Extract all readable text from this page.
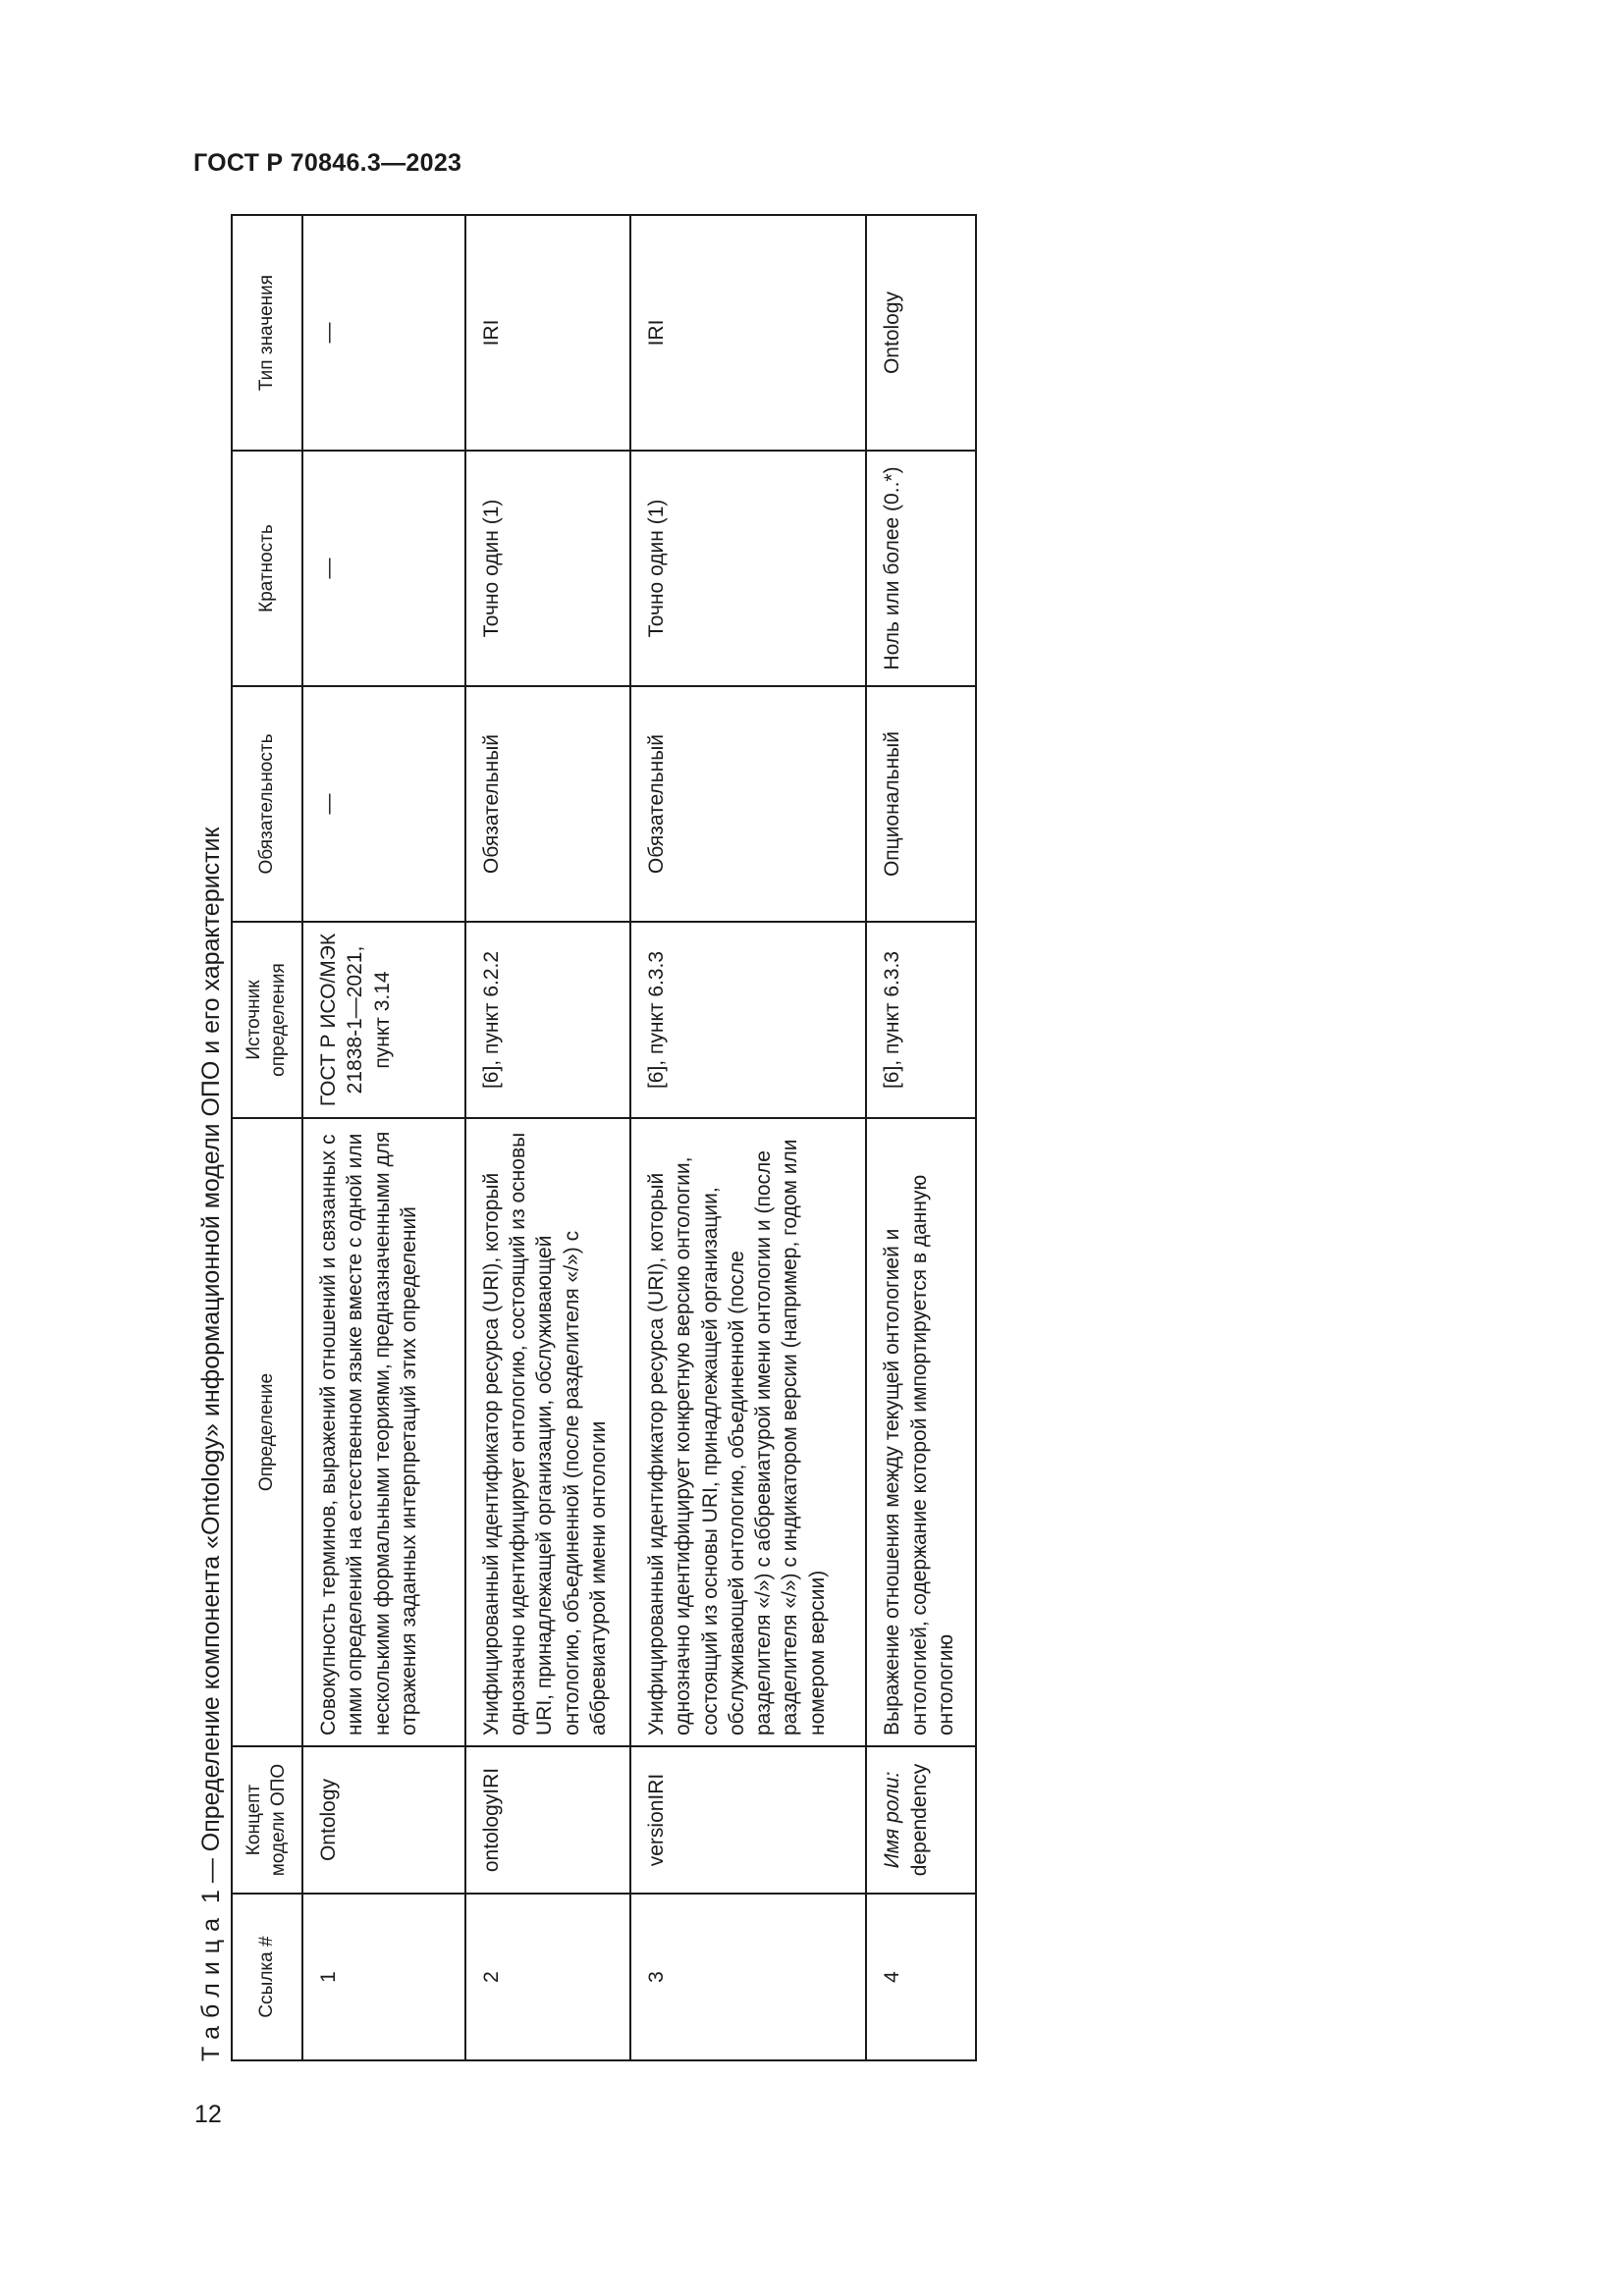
ГОСТ Р 70846.3—2023
Таблица 1 — Определение компонента «Ontology» информационной модели ОПО и его характеристик
Ссылка #	Концепт модели ОПО	Определение	Источник определения	Обязательность	Кратность	Тип значения
1	Ontology	Совокупность терминов, выражений отношений и связанных с ними определений на естественном языке вместе с одной или несколькими формальными теориями, предназначенными для отражения заданных интерпретаций этих определений	ГОСТ Р ИСО/МЭК 21838-1—2021, пункт 3.14	—	—	—
2	ontologyIRI	Унифицированный идентификатор ресурса (URI), который однозначно идентифицирует онтологию, состоящий из основы URI, принадлежащей организации, обслуживающей онтологию, объединенной (после разделителя «/») с аббревиатурой имени онтологии	[6], пункт 6.2.2	Обязательный	Точно один (1)	IRI
3	versionIRI	Унифицированный идентификатор ресурса (URI), который однозначно идентифицирует конкретную версию онтологии, состоящий из основы URI, принадлежащей организации, обслуживающей онтологию, объединенной (после разделителя «/») с аббревиатурой имени онтологии и (после разделителя «/») с индикатором версии (например, годом или номером версии)	[6], пункт 6.3.3	Обязательный	Точно один (1)	IRI
4	Имя роли: dependency	Выражение отношения между текущей онтологией и онтологией, содержание которой импортируется в данную онтологию	[6], пункт 6.3.3	Опциональный	Ноль или более (0..*)	Ontology
12
